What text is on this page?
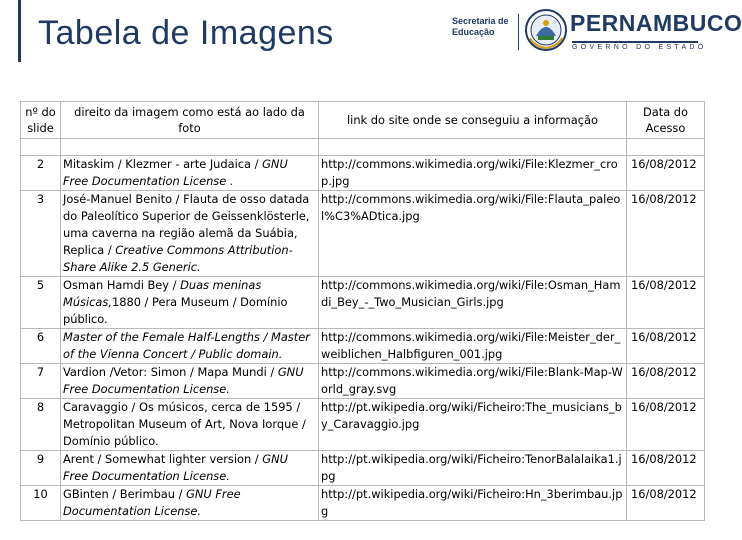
Tabela de Imagens	Secretaria de
Educação	PERNAMBUCO
GOVERNO DO ESTADO
nº do slide	direito da imagem como está ao lado da foto	link do site onde se conseguiu a informação	Data do Acesso

2	Mitaskim / Klezmer - arte Judaica / GNU Free Documentation License .	http://commons.wikimedia.org/wiki/File:Klezmer_crop.jpg	16/08/2012
3	José-Manuel Benito / Flauta de osso datada do Paleolítico Superior de Geissenklösterle, uma caverna na região alemã da Suábia, Replica / Creative Commons Attribution-Share Alike 2.5 Generic.	http://commons.wikimedia.org/wiki/File:Flauta_paleol%C3%ADtica.jpg	16/08/2012
5	Osman Hamdi Bey / Duas meninas Músicas,1880 / Pera Museum / Domínio público.	http://commons.wikimedia.org/wiki/File:Osman_Hamdi_Bey_-_Two_Musician_Girls.jpg	16/08/2012
6	Master of the Female Half-Lengths / Master of the Vienna Concert / Public domain.	http://commons.wikimedia.org/wiki/File:Meister_der_weiblichen_Halbfiguren_001.jpg	16/08/2012
7	Vardion /Vetor: Simon / Mapa Mundi / GNU Free Documentation License.	http://commons.wikimedia.org/wiki/File:Blank-Map-World_gray.svg	16/08/2012
8	Caravaggio / Os músicos, cerca de 1595 / Metropolitan Museum of Art, Nova Iorque / Domínio público.	http://pt.wikipedia.org/wiki/Ficheiro:The_musicians_by_Caravaggio.jpg	16/08/2012
9	Arent / Somewhat lighter version / GNU Free Documentation License.	http://pt.wikipedia.org/wiki/Ficheiro:TenorBalalaika1.jpg	16/08/2012
10	GBinten / Berimbau / GNU Free Documentation License.	http://pt.wikipedia.org/wiki/Ficheiro:Hn_3berimbau.jpg	16/08/2012
